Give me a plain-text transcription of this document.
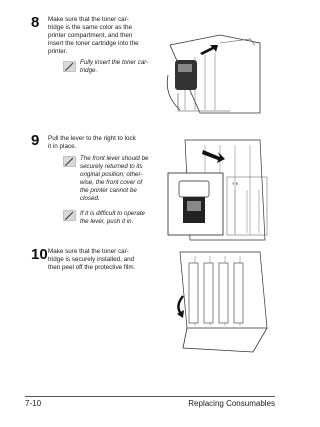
8 Make sure that the toner car-
tridge is the same color as the
printer compartment, and then
insert the toner cartridge into the
printer.
Fully insert the toner car-
tridge.
9 Pull the lever to the right to lock
it in place.
The front lever should be
securely returned to its
original position; other-
wise, the front cover of
the printer cannot be
closed.
If it is difficult to operate
the lever, push it in.
Y K
10 Make sure that the toner car-
tridge is securely installed, and
then peel off the protective film.
7-10	Replacing Consumables
